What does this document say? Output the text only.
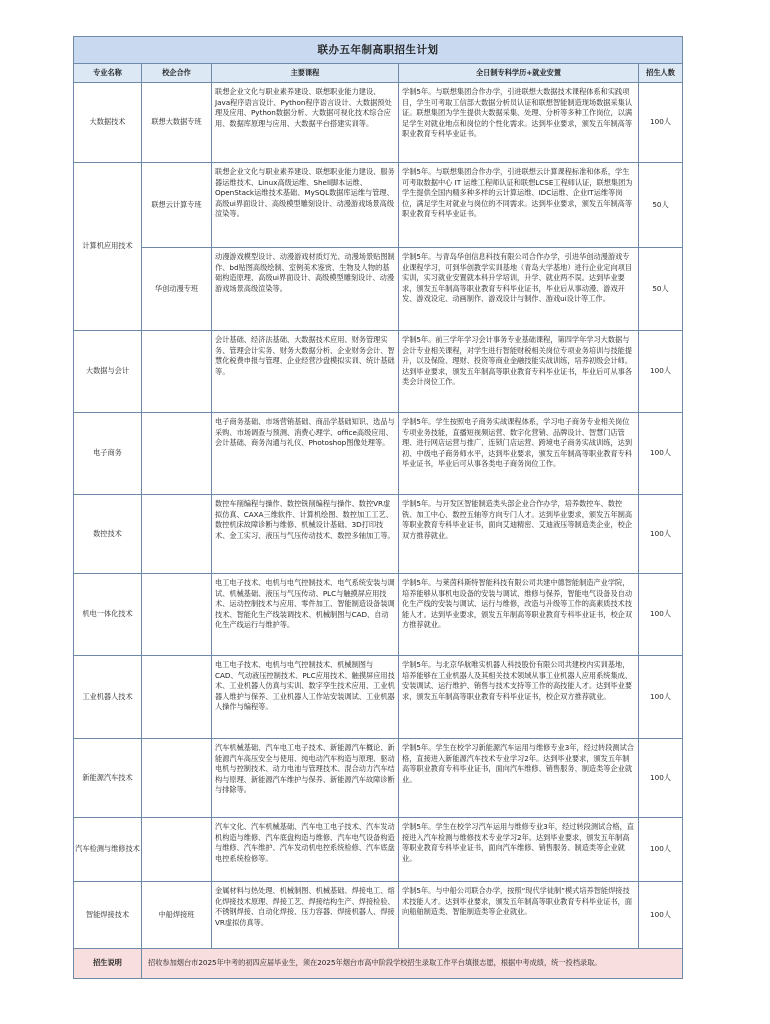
联办五年制高职招生计划				
专业名称	校企合作	主要课程	全日制专科学历+就业安置	招生人数
大数据技术	联想大数据专班	联想企业文化与职业素养建设、联想职业能力建设、Java程序语言设计、Python程序语言设计、大数据预处理及应用、Python数据分析、大数据可视化技术综合应用、数据库原理与应用、大数据平台搭建实训等。	学制5年。与联想集团合作办学，引进联想大数据技术课程体系和实践项目，学生可考取工信部大数据分析员认证和联想智能制造现场数据采集认证。联想集团为学生提供大数据采集、处理、分析等多种工作岗位，以满足学生对就业地点和岗位的个性化需求。达到毕业要求，颁发五年制高等职业教育专科毕业证书。	100人
计算机应用技术	联想云计算专班	联想企业文化与职业素养建设、联想职业能力建设、服务器运维技术、Linux高级运维、Shell脚本运维、OpenStack运维技术基础、MySQL数据库运维与管理、高级ui界面设计、高级模型雕刻设计、动漫游戏场景高级渲染等。	学制5年。与联想集团合作办学，引进联想云计算课程标准和体系，学生可考取数据中心 IT 运维工程师认证和联想LCSE工程师认证，联想集团为学生提供全国内精多种多样的云计算运维、IDC运维、企业IT运维等岗位，满足学生对就业与岗位的不同需求。达到毕业要求，颁发五年制高等职业教育专科毕业证书。	50人
	华创动漫专班	动漫游戏模型设计、动漫游戏材质灯光、动漫场景贴图制作、bd贴图高级绘制、室例美术鉴赏、生物及人物的基础构造原理、高级ui界面设计、高级模型雕刻设计、动漫游戏场景高级渲染等。	学制5年。与青岛华创信息科技有限公司合作办学，引进华创动漫游戏专业课程学习，可到华创教学实训基地（青岛大学基地）进行企业定向项目实训，实习就业安置就本科升学培训，升学、就业两不误。达到毕业要求，颁发五年制高等职业教育专科毕业证书，毕业后从事动漫、游戏开发、游戏设定、动画制作、游戏设计与制作、游戏ui设计等工作。	50人
大数据与会计		会计基础、经济法基础、大数据技术应用、财务管理实务、管理会计实务、财务大数据分析、企业财务会计、智慧化税费申报与管理、企业经营沙盘模拟实训、统计基础等。	学制5年。前三学年学习会计事务专业基础课程，第四学年学习大数据与会计专业相关课程，对学生进行智能财税相关岗位专项业务培训与技能提升，以及保险、理财、投资等商业金融技能实战训练，培养初级会计师。达到毕业要求，颁发五年制高等职业教育专科毕业证书，毕业后可从事各类会计岗位工作。	100人
电子商务		电子商务基础、市场营销基础、商品学基础知识、选品与采购、市场调查与预测、消费心理学、office高级应用、会计基础、商务沟通与礼仪、Photoshop图像处理等。	学制5年。学生按照电子商务实战课程体系，学习电子商务专业相关岗位专项业务技能，直播短视频运营、数字化营销、品牌设计、智慧门店管理、进行网店运营与推广、连锁门店运营、跨境电子商务实战训练，达到初、中级电子商务师水平，达到毕业要求，颁发五年制高等职业教育专科毕业证书，毕业后可从事各类电子商务岗位工作。	100人
数控技术		数控车削编程与操作、数控铣削编程与操作、数控VR虚拟仿真、CAXA三维软件、计算机绘图、数控加工工艺、数控机床故障诊断与维修、机械设计基础、3D打印技术、金工实习、液压与气压传动技术、数控多轴加工等。	学制5年。与开发区智能制造类头部企业合作办学，培养数控车、数控铣、加工中心、数控五轴等方向专门人才。达到毕业要求，颁发五年制高等职业教育专科毕业证书，面向艾迪精密、艾迪液压等制造类企业，校企双方推荐就业。	100人
机电一体化技术		电工电子技术、电机与电气控制技术、电气系统安装与调试、机械基础、液压与气压传动、PLC与触摸屏应用技术、运动控制技术与应用、零件加工、智能制造设备装调技术、智能化生产线装调技术、机械制图与CAD、自动化生产线运行与维护等。	学制5年。与莱茵科斯特智能科技有限公司共建中德智能制造产业学院，培养能够从事机电设备的安装与调试、维修与保养，智能电气设备及自动化生产线的安装与调试、运行与维修，改造与升级等工作的高素质技术技能人才。达到毕业要求，颁发五年制高等职业教育专科毕业证书，校企双方推荐就业。	100人
工业机器人技术		电工电子技术、电机与电气控制技术、机械制图与CAD、气动液压控制技术、PLC应用技术、触摸屏应用技术、工业机器人仿真与实训、数字孪生技术应用、工业机器人维护与保养、工业机器人工作站安装调试、工业机器人操作与编程等。	学制5年。与北京华航唯实机器人科技股份有限公司共建校内实训基地，培养能够在工业机器人及其相关技术领域从事工业机器人应用系统集成、安装调试、运行维护、销售与技术支持等工作的高技能人才。达到毕业要求，颁发五年制高等职业教育专科毕业证书，校企双方推荐就业。	100人
新能源汽车技术		汽车机械基础、汽车电工电子技术、新能源汽车概论、新能源汽车高压安全与使用、纯电动汽车构造与原理、驱动电机与控制技术、动力电池与管理技术、混合动力汽车结构与原理、新能源汽车维护与保养、新能源汽车故障诊断与排除等。	学制5年。学生在校学习新能源汽车运用与维修专业3年，经过转段测试合格，直接进入新能源汽车技术专业学习2年。达到毕业要求，颁发五年制高等职业教育专科毕业证书，面向汽车维修、销售服务、制造类等企业就业。	100人
汽车检测与维修技术		汽车文化、汽车机械基础、汽车电工电子技术、汽车发动机构造与维修、汽车底盘构造与维修、汽车电气设备构造与维修、汽车维护、汽车发动机电控系统检修、汽车底盘电控系统检修等。	学制5年。学生在校学习汽车运用与维修专业3年，经过转段测试合格，直接进入汽车检测与维修技术专业学习2年。达到毕业要求，颁发五年制高等职业教育专科毕业证书，面向汽车维修、销售服务、制造类等企业就业。	100人
智能焊接技术	中船焊接班	金属材料与热处理、机械制图、机械基础、焊接电工、熔化焊接技术原理、焊接工艺、焊接结构生产、焊接检验、不锈钢焊接、自动化焊接、压力容器、焊接机器人、焊接VR虚拟仿真等。	学制5年。与中船公司联合办学，按照“现代学徒制”模式培养智能焊接技术技能人才。达到毕业要求，颁发五年制高等职业教育专科毕业证书，面向船舶制造类、智能制造类等企业就业。	100人
招生说明	招收参加烟台市2025年中考的初四应届毕业生，须在2025年烟台市高中阶段学校招生录取工作平台填报志愿，根据中考成绩，统一投档录取。			
